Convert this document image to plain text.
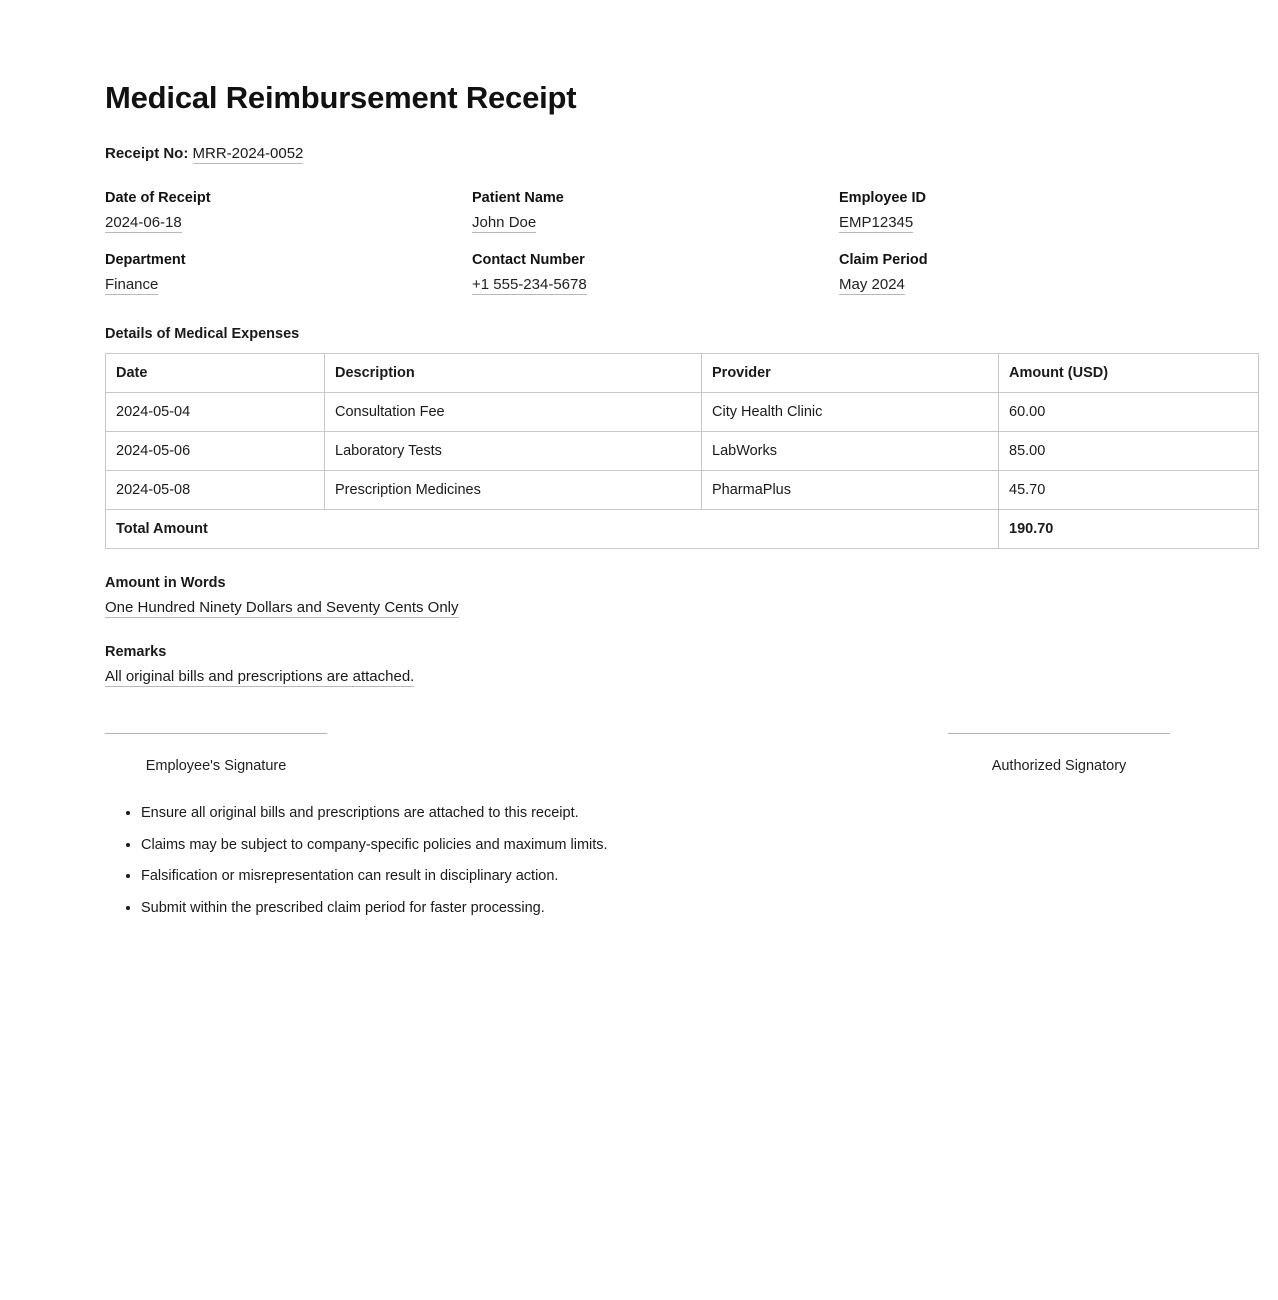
Medical Reimbursement Receipt
Receipt No: MRR-2024-0052
Date of Receipt
2024-06-18
Patient Name
John Doe
Employee ID
EMP12345
Department
Finance
Contact Number
+1 555-234-5678
Claim Period
May 2024
Details of Medical Expenses
Date	Description	Provider	Amount (USD)
2024-05-04	Consultation Fee	City Health Clinic	60.00
2024-05-06	Laboratory Tests	LabWorks	85.00
2024-05-08	Prescription Medicines	PharmaPlus	45.70
Total Amount			190.70
Amount in Words
One Hundred Ninety Dollars and Seventy Cents Only
Remarks
All original bills and prescriptions are attached.
Employee's Signature	Authorized Signatory
• Ensure all original bills and prescriptions are attached to this receipt.
• Claims may be subject to company-specific policies and maximum limits.
• Falsification or misrepresentation can result in disciplinary action.
• Submit within the prescribed claim period for faster processing.
